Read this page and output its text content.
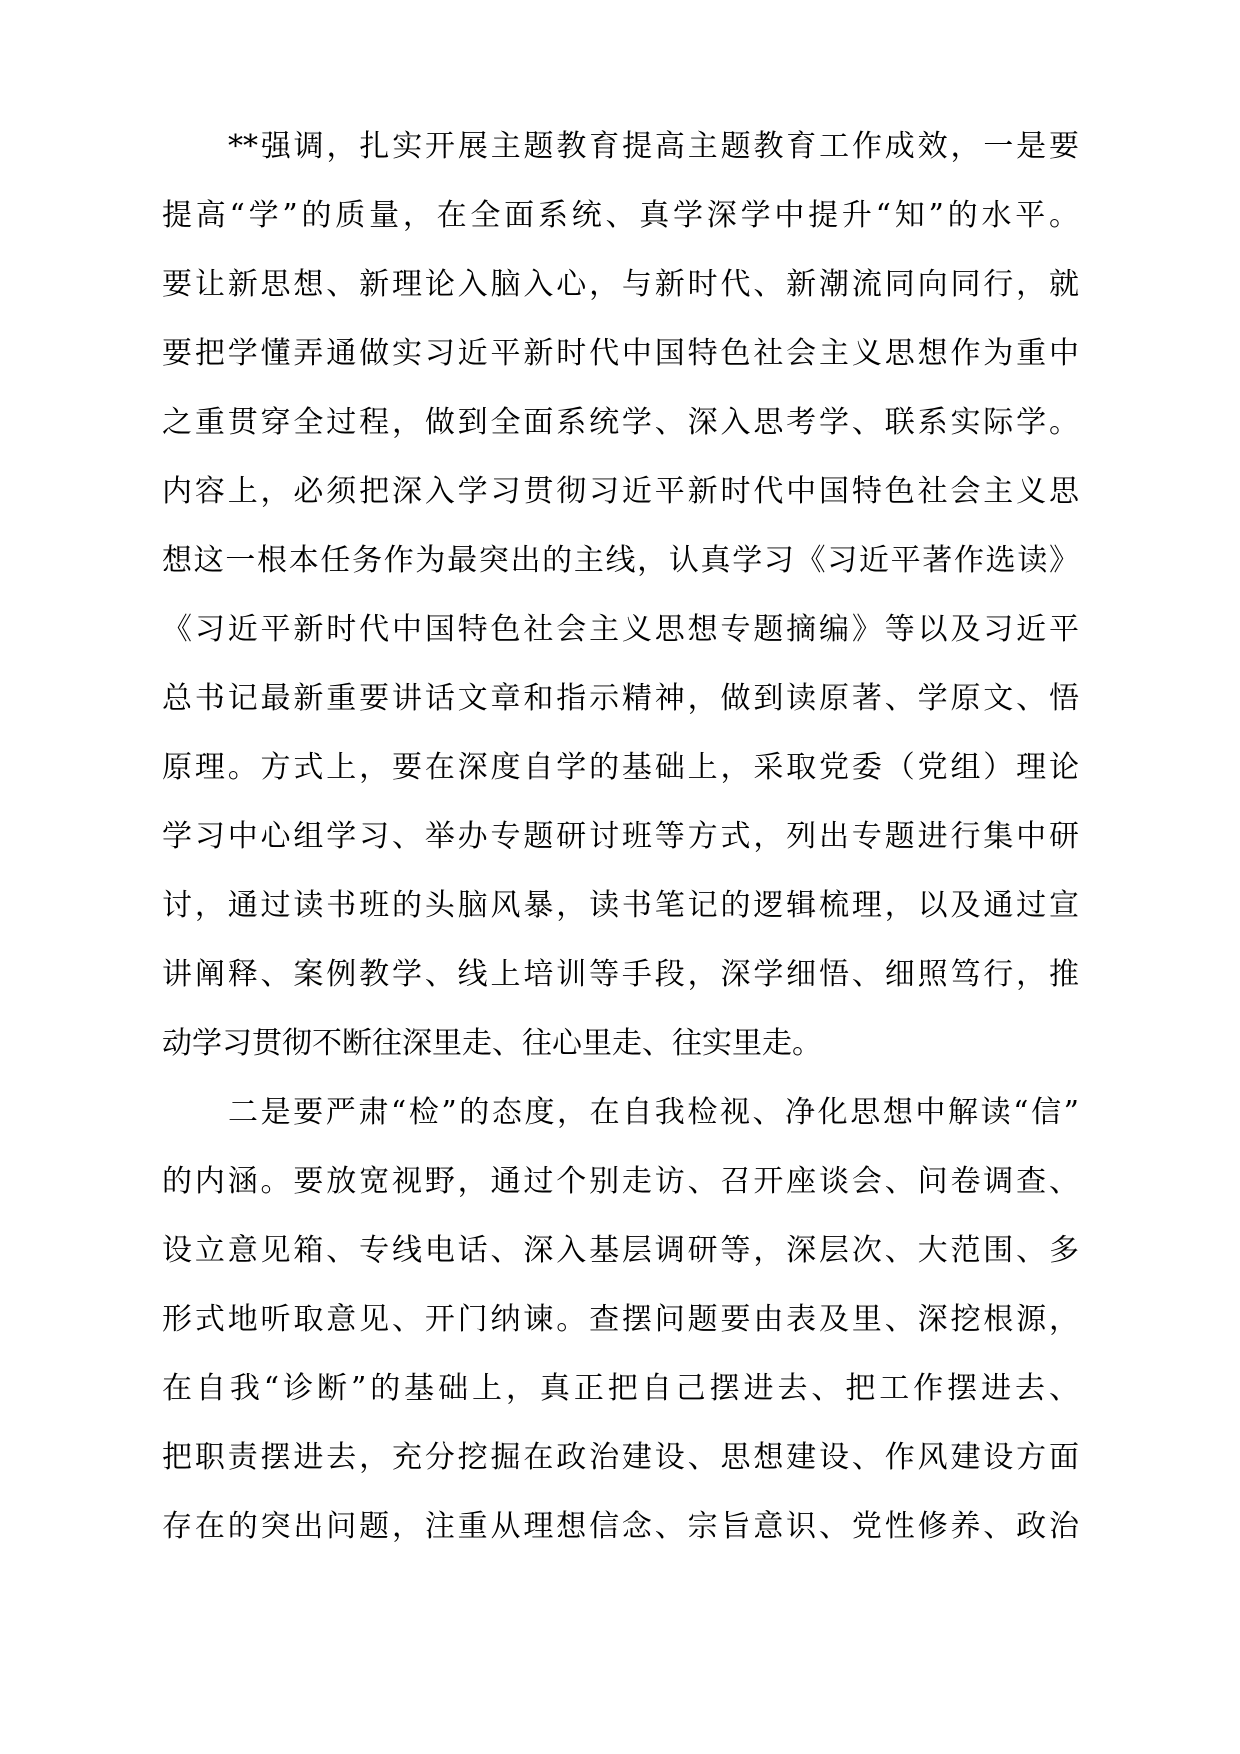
**强调，扎实开展主题教育提高主题教育工作成效，一是要
提高“学”的质量，在全面系统、真学深学中提升“知”的水平。
要让新思想、新理论入脑入心，与新时代、新潮流同向同行，就
要把学懂弄通做实习近平新时代中国特色社会主义思想作为重中
之重贯穿全过程，做到全面系统学、深入思考学、联系实际学。
内容上，必须把深入学习贯彻习近平新时代中国特色社会主义思
想这一根本任务作为最突出的主线，认真学习《习近平著作选读》
《习近平新时代中国特色社会主义思想专题摘编》等以及习近平
总书记最新重要讲话文章和指示精神，做到读原著、学原文、悟
原理。方式上，要在深度自学的基础上，采取党委（党组）理论
学习中心组学习、举办专题研讨班等方式，列出专题进行集中研
讨，通过读书班的头脑风暴，读书笔记的逻辑梳理，以及通过宣
讲阐释、案例教学、线上培训等手段，深学细悟、细照笃行，推
动学习贯彻不断往深里走、往心里走、往实里走。
二是要严肃“检”的态度，在自我检视、净化思想中解读“信”
的内涵。要放宽视野，通过个别走访、召开座谈会、问卷调查、
设立意见箱、专线电话、深入基层调研等，深层次、大范围、多
形式地听取意见、开门纳谏。查摆问题要由表及里、深挖根源，
在自我“诊断”的基础上，真正把自己摆进去、把工作摆进去、
把职责摆进去，充分挖掘在政治建设、思想建设、作风建设方面
存在的突出问题，注重从理想信念、宗旨意识、党性修养、政治
